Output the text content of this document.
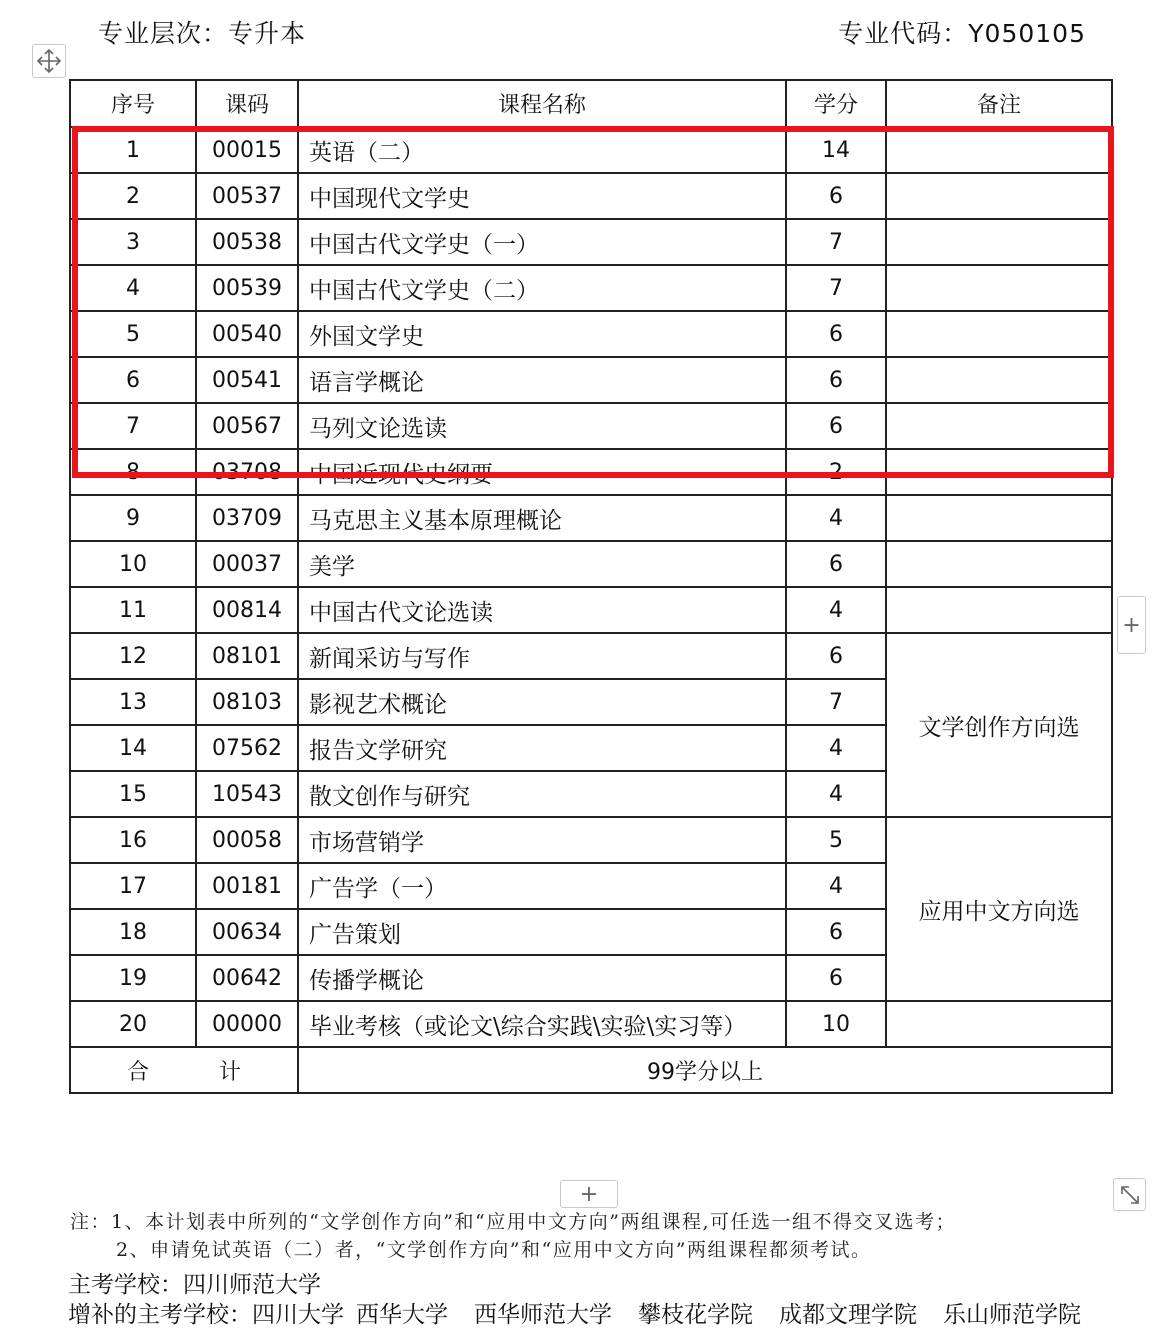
专业层次：专升本	专业代码：Y050105
序号	课码	课程名称	学分	备注
1	00015	英语（二）	14	
2	00537	中国现代文学史	6	
3	00538	中国古代文学史（一）	7	
4	00539	中国古代文学史（二）	7	
5	00540	外国文学史	6	
6	00541	语言学概论	6	
7	00567	马列文论选读	6	
8	03708	中国近现代史纲要	2	
9	03709	马克思主义基本原理概论	4	
10	00037	美学	6	
11	00814	中国古代文论选读	4	
12	08101	新闻采访与写作	6	文学创作方向选
13	08103	影视艺术概论	7	
14	07562	报告文学研究	4	
15	10543	散文创作与研究	4	
16	00058	市场营销学	5	应用中文方向选
17	00181	广告学（一）	4	
18	00634	广告策划	6	
19	00642	传播学概论	6	
20	00000	毕业考核（或论文\综合实践\实验\实习等）	10	
合 计		99学分以上		
+
+
注：1、本计划表中所列的“文学创作方向”和“应用中文方向”两组课程,可任选一组不得交叉选考；
2、申请免试英语（二）者，“文学创作方向”和“应用中文方向”两组课程都须考试。
主考学校：四川师范大学
增补的主考学校：四川大学 西华大学 西华师范大学 攀枝花学院 成都文理学院 乐山师范学院
